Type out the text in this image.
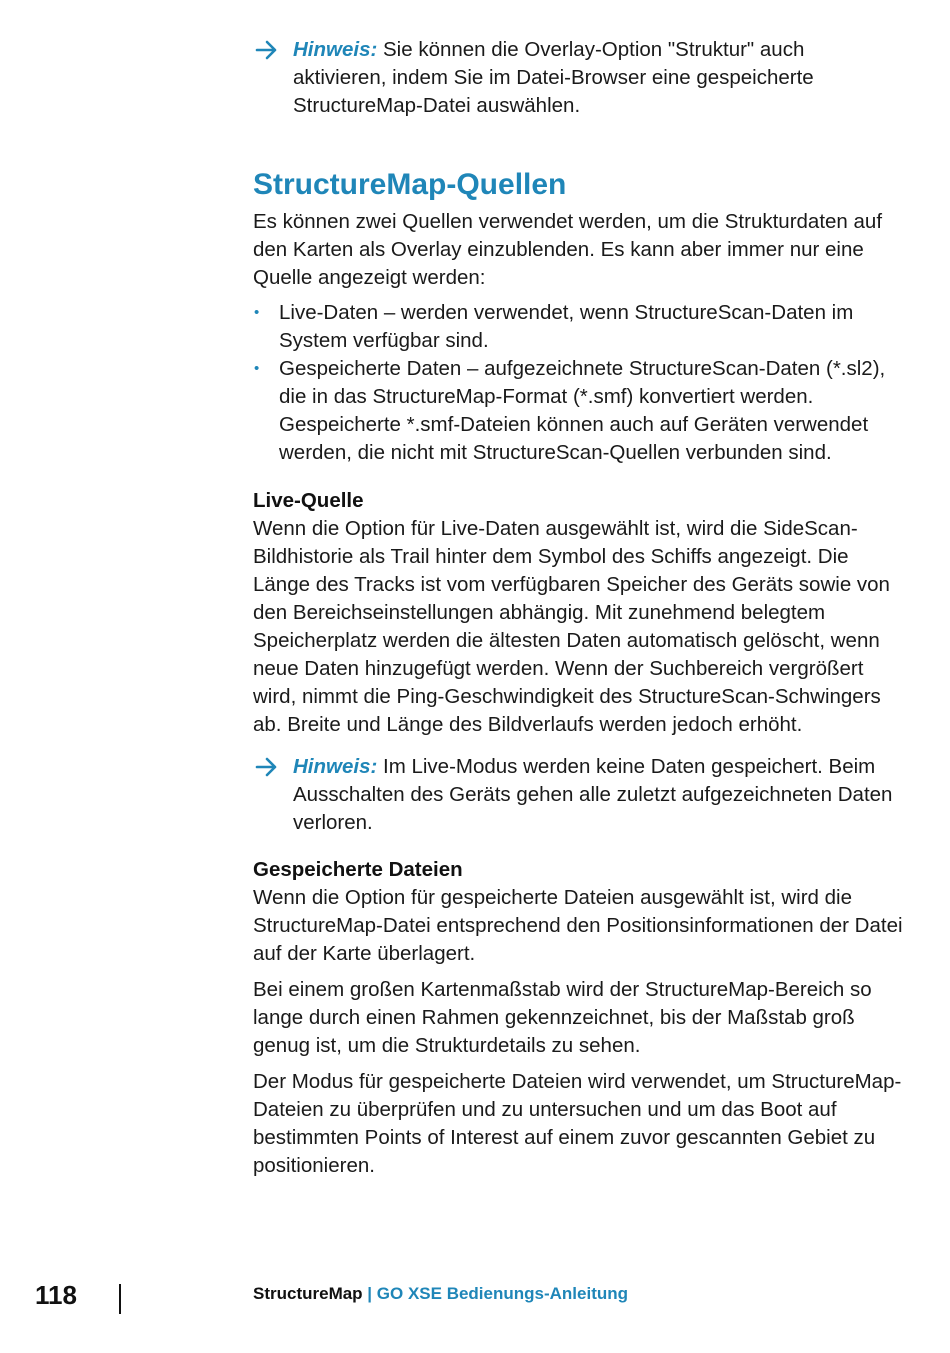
Hinweis: Sie können die Overlay-Option "Struktur" auch aktivieren, indem Sie im Datei-Browser eine gespeicherte StructureMap-Datei auswählen.
StructureMap-Quellen

Es können zwei Quellen verwendet werden, um die Strukturdaten auf den Karten als Overlay einzublenden. Es kann aber immer nur eine Quelle angezeigt werden:

• Live-Daten – werden verwendet, wenn StructureScan-Daten im System verfügbar sind.
• Gespeicherte Daten – aufgezeichnete StructureScan-Daten (*.sl2), die in das StructureMap-Format (*.smf) konvertiert werden. Gespeicherte *.smf-Dateien können auch auf Geräten verwendet werden, die nicht mit StructureScan-Quellen verbunden sind.
Live-Quelle

Wenn die Option für Live-Daten ausgewählt ist, wird die SideScan-Bildhistorie als Trail hinter dem Symbol des Schiffs angezeigt. Die Länge des Tracks ist vom verfügbaren Speicher des Geräts sowie von den Bereichseinstellungen abhängig. Mit zunehmend belegtem Speicherplatz werden die ältesten Daten automatisch gelöscht, wenn neue Daten hinzugefügt werden. Wenn der Suchbereich vergrößert wird, nimmt die Ping-Geschwindigkeit des StructureScan-Schwingers ab. Breite und Länge des Bildverlaufs werden jedoch erhöht.

Hinweis: Im Live-Modus werden keine Daten gespeichert. Beim Ausschalten des Geräts gehen alle zuletzt aufgezeichneten Daten verloren.
Gespeicherte Dateien

Wenn die Option für gespeicherte Dateien ausgewählt ist, wird die StructureMap-Datei entsprechend den Positionsinformationen der Datei auf der Karte überlagert.

Bei einem großen Kartenmaßstab wird der StructureMap-Bereich so lange durch einen Rahmen gekennzeichnet, bis der Maßstab groß genug ist, um die Strukturdetails zu sehen.

Der Modus für gespeicherte Dateien wird verwendet, um StructureMap-Dateien zu überprüfen und zu untersuchen und um das Boot auf bestimmten Points of Interest auf einem zuvor gescannten Gebiet zu positionieren.

118	StructureMap | GO XSE Bedienungs-Anleitung
